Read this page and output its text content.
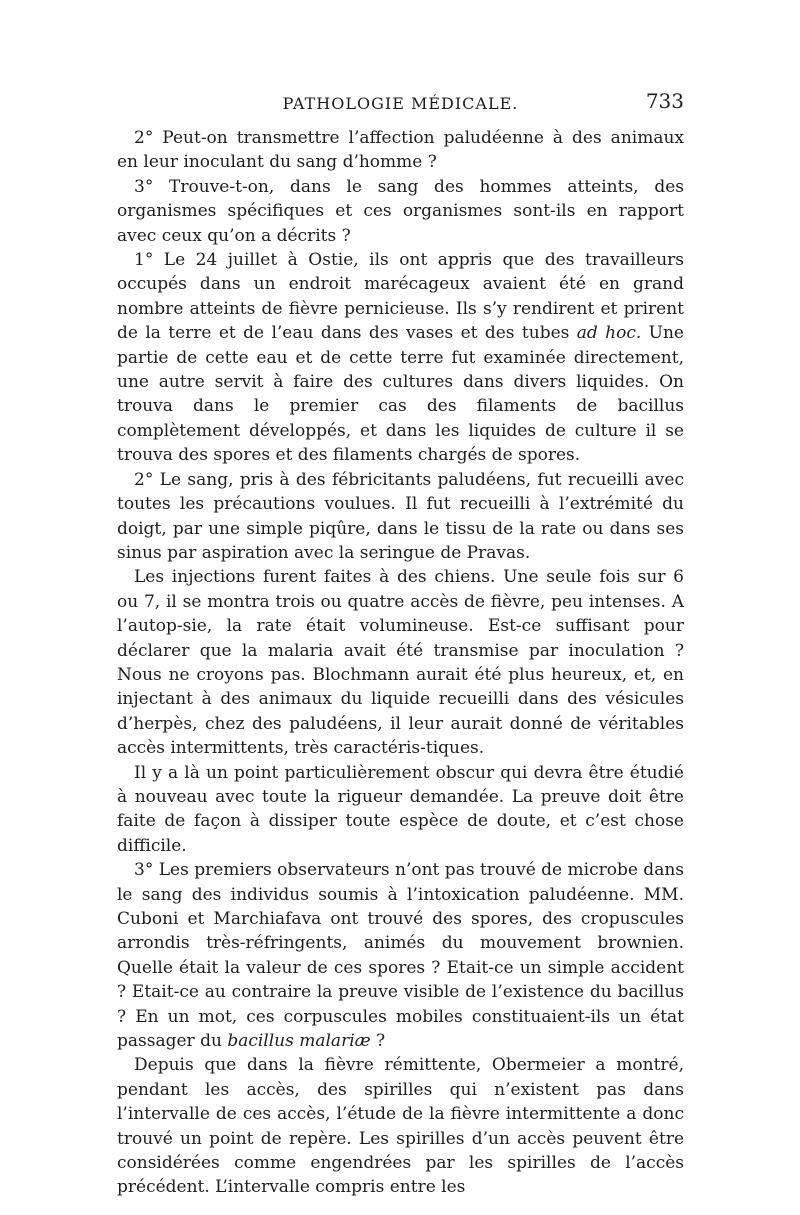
PATHOLOGIE MÉDICALE.	733

2° Peut-on transmettre l’affection paludéenne à des animaux en leur inoculant du sang d’homme ?

3° Trouve-t-on, dans le sang des hommes atteints, des organismes spécifiques et ces organismes sont-ils en rapport avec ceux qu’on a décrits ?

1° Le 24 juillet à Ostie, ils ont appris que des travailleurs occupés dans un endroit marécageux avaient été en grand nombre atteints de fièvre pernicieuse. Ils s’y rendirent et prirent de la terre et de l’eau dans des vases et des tubes ad hoc. Une partie de cette eau et de cette terre fut examinée directement, une autre servit à faire des cultures dans divers liquides. On trouva dans le premier cas des filaments de bacillus complètement développés, et dans les liquides de culture il se trouva des spores et des filaments chargés de spores.

2° Le sang, pris à des fébricitants paludéens, fut recueilli avec toutes les précautions voulues. Il fut recueilli à l’extrémité du doigt, par une simple piqûre, dans le tissu de la rate ou dans ses sinus par aspiration avec la seringue de Pravas.

Les injections furent faites à des chiens. Une seule fois sur 6 ou 7, il se montra trois ou quatre accès de fièvre, peu intenses. A l’autop-sie, la rate était volumineuse. Est-ce suffisant pour déclarer que la malaria avait été transmise par inoculation ? Nous ne croyons pas. Blochmann aurait été plus heureux, et, en injectant à des animaux du liquide recueilli dans des vésicules d’herpès, chez des paludéens, il leur aurait donné de véritables accès intermittents, très caractéris-tiques.

Il y a là un point particulièrement obscur qui devra être étudié à nouveau avec toute la rigueur demandée. La preuve doit être faite de façon à dissiper toute espèce de doute, et c’est chose difficile.

3° Les premiers observateurs n’ont pas trouvé de microbe dans le sang des individus soumis à l’intoxication paludéenne. MM. Cuboni et Marchiafava ont trouvé des spores, des cropuscules arrondis très-réfringents, animés du mouvement brownien. Quelle était la valeur de ces spores ? Etait-ce un simple accident ? Etait-ce au contraire la preuve visible de l’existence du bacillus ? En un mot, ces corpuscules mobiles constituaient-ils un état passager du bacillus malariæ ?

Depuis que dans la fièvre rémittente, Obermeier a montré, pendant les accès, des spirilles qui n’existent pas dans l’intervalle de ces accès, l’étude de la fièvre intermittente a donc trouvé un point de repère. Les spirilles d’un accès peuvent être considérées comme engendrées par les spirilles de l’accès précédent. L’intervalle compris entre les
